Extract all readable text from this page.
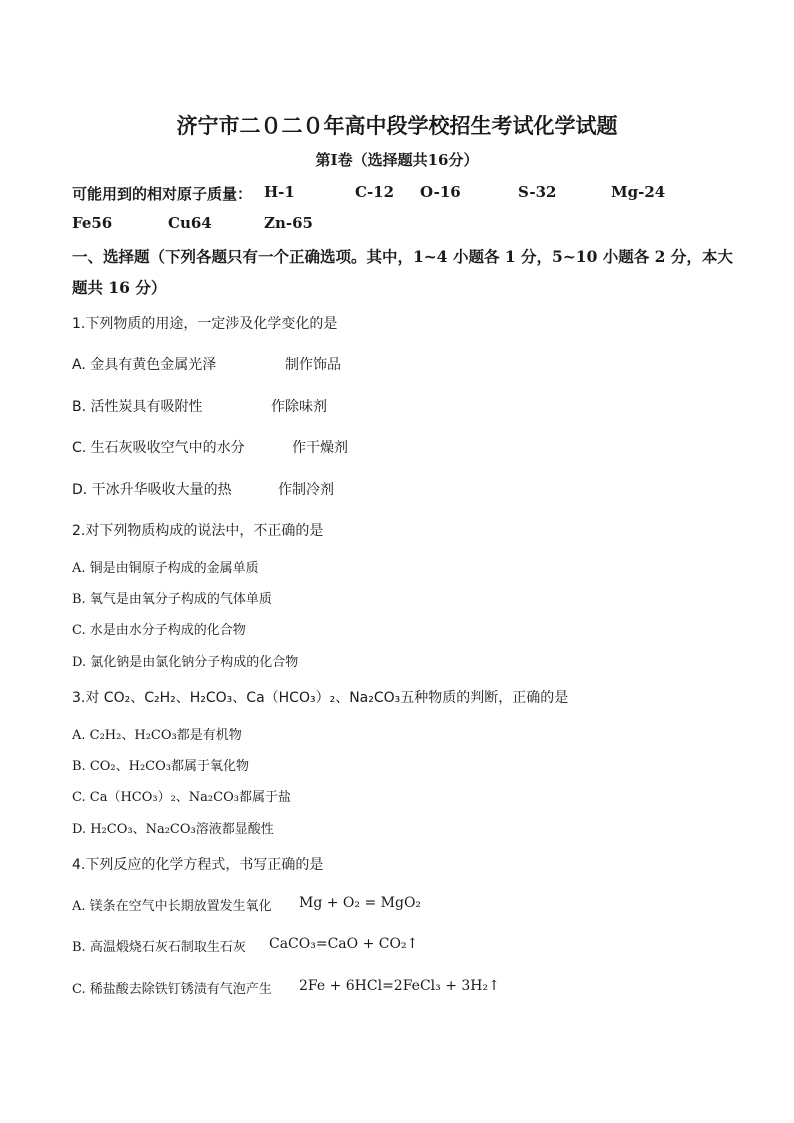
济宁市二０二０年高中段学校招生考试化学试题
第Ⅰ卷（选择题共16分）
可能用到的相对原子质量： H-1	C-12 O-16	S-32	Mg-24
Fe56	Cu64	Zn-65
一、选择题（下列各题只有一个正确选项。其中，1~4 小题各 1 分，5~10 小题各 2 分，本大
题共 16 分）
1.下列物质的用途，一定涉及化学变化的是
A. 金具有黄色金属光泽	制作饰品
B. 活性炭具有吸附性	作除味剂
C. 生石灰吸收空气中的水分	作干燥剂
D. 干冰升华吸收大量的热	作制冷剂
2.对下列物质构成的说法中，不正确的是
A. 铜是由铜原子构成的金属单质
B. 氧气是由氧分子构成的气体单质
C. 水是由水分子构成的化合物
D. 氯化钠是由氯化钠分子构成的化合物
3.对 CO₂、C₂H₂、H₂CO₃、Ca（HCO₃）₂、Na₂CO₃五种物质的判断，正确的是
A. C₂H₂、H₂CO₃都是有机物
B. CO₂、H₂CO₃都属于氧化物
C. Ca（HCO₃）₂、Na₂CO₃都属于盐
D. H₂CO₃、Na₂CO₃溶液都显酸性
4.下列反应的化学方程式，书写正确的是
A. 镁条在空气中长期放置发生氧化 Mg + O₂ = MgO₂
B. 高温煅烧石灰石制取生石灰 CaCO₃=CaO + CO₂↑
C. 稀盐酸去除铁钉锈渍有气泡产生 2Fe + 6HCl=2FeCl₃ + 3H₂↑
